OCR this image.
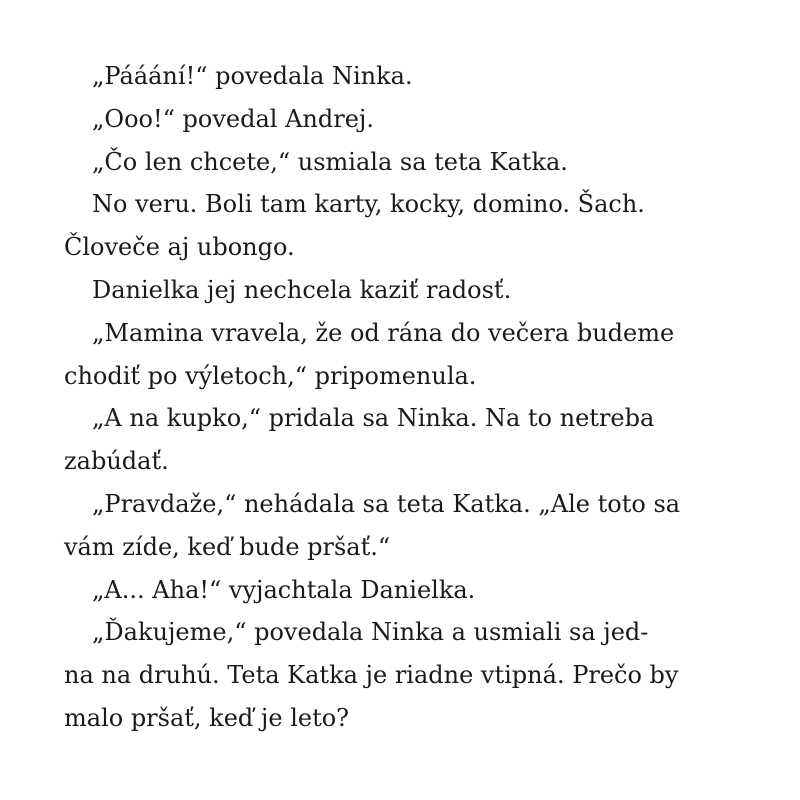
„Pááání!“ povedala Ninka.
„Ooo!“ povedal Andrej.
„Čo len chcete,“ usmiala sa teta Katka.
No veru. Boli tam karty, kocky, domino. Šach.
Človeče aj ubongo.
Danielka jej nechcela kaziť radosť.
„Mamina vravela, že od rána do večera budeme
chodiť po výletoch,“ pripomenula.
„A na kupko,“ pridala sa Ninka. Na to netreba
zabúdať.
„Pravdaže,“ nehádala sa teta Katka. „Ale toto sa
vám zíde, keď bude pršať.“
„A... Aha!“ vyjachtala Danielka.
„Ďakujeme,“ povedala Ninka a usmiali sa jed-
na na druhú. Teta Katka je riadne vtipná. Prečo by
malo pršať, keď je leto?
